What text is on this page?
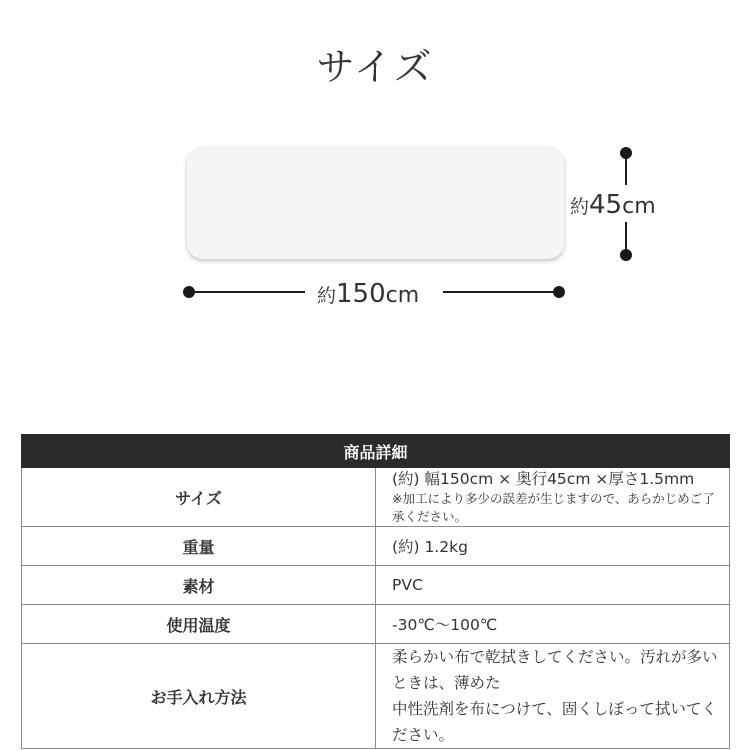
サイズ
約150cm
約45cm
商品詳細	
サイズ	(約) 幅150cm × 奥行45cm ×厚さ1.5mm
※加工により多少の誤差が生じますので、あらかじめご了承ください。

重量	(約) 1.2kg
素材	PVC
使用温度	-30℃〜100℃
お手入れ方法	柔らかい布で乾拭きしてください。汚れが多いときは、薄めた
中性洗剤を布につけて、固くしぼって拭いてください。
